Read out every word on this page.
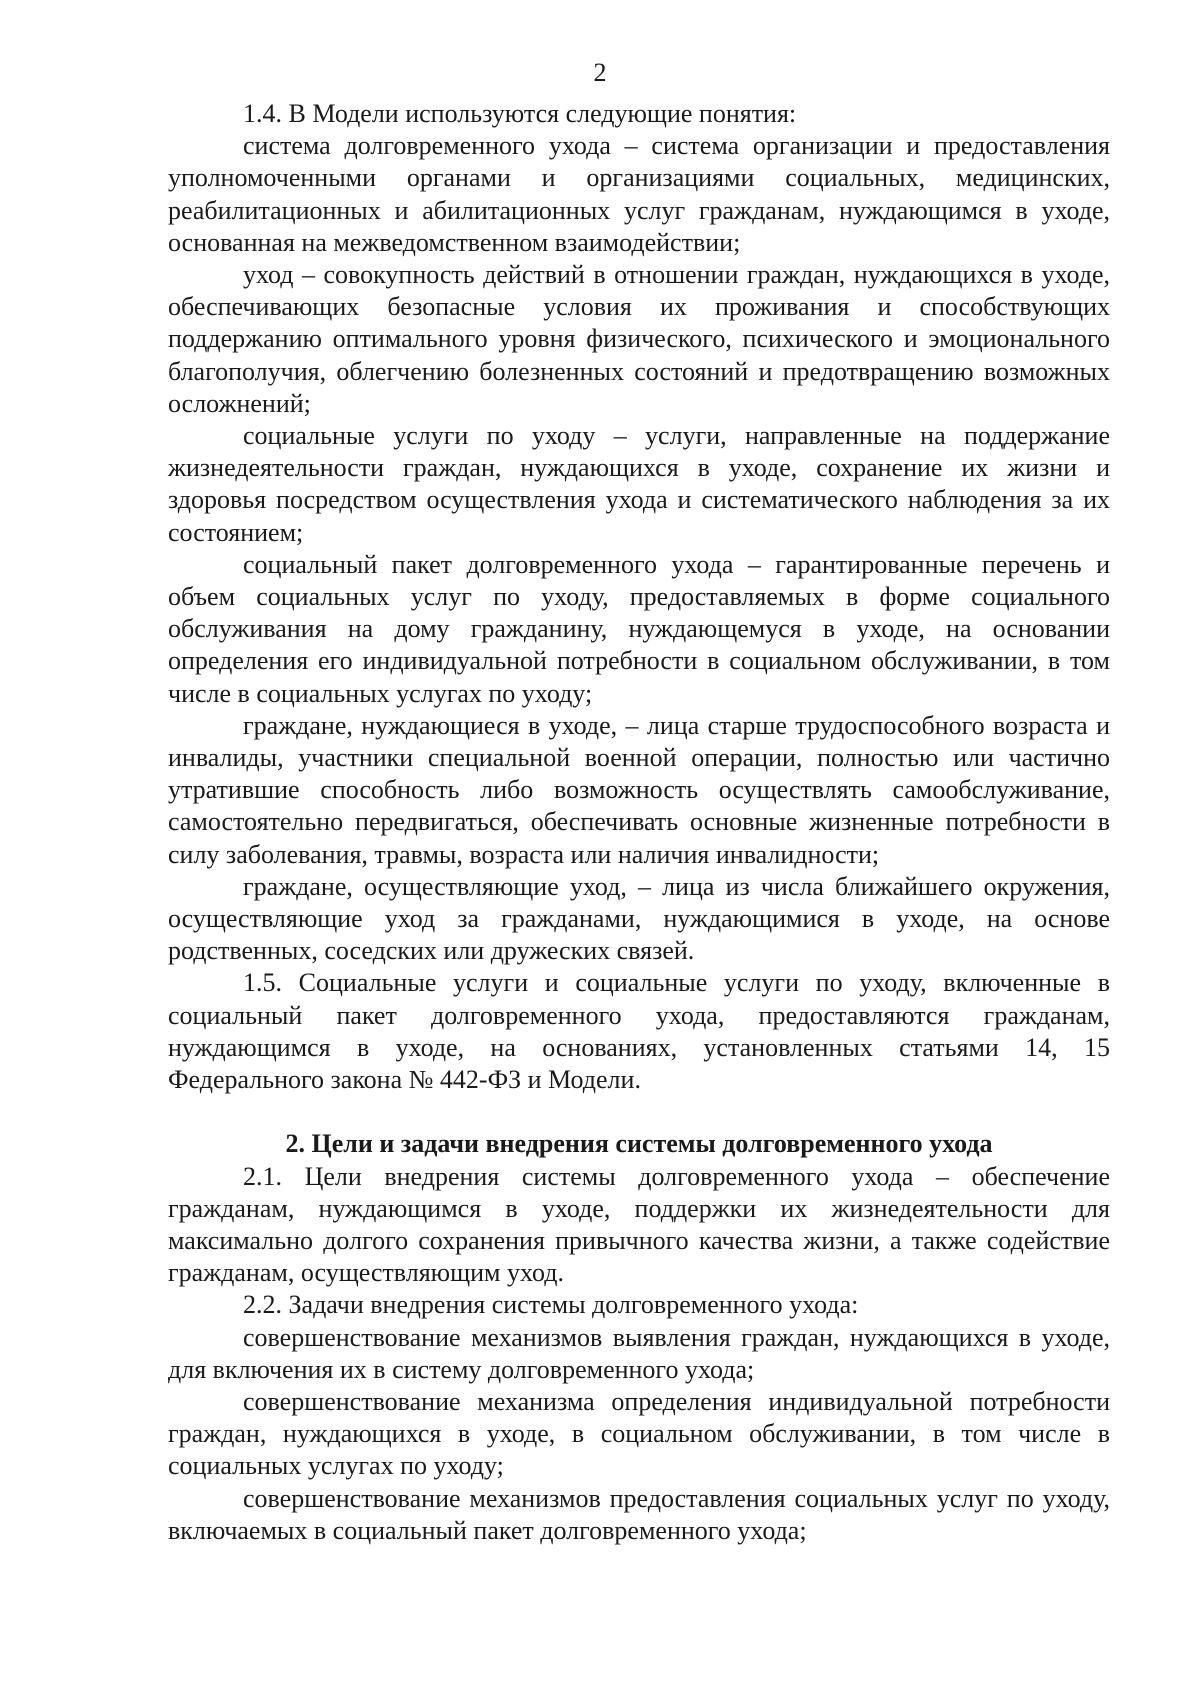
2

1.4. В Модели используются следующие понятия:

система долговременного ухода – система организации и предоставления уполномоченными органами и организациями социальных, медицинских, реабилитационных и абилитационных услуг гражданам, нуждающимся в уходе, основанная на межведомственном взаимодействии;

уход – совокупность действий в отношении граждан, нуждающихся в уходе, обеспечивающих безопасные условия их проживания и способствующих поддержанию оптимального уровня физического, психического и эмоционального благополучия, облегчению болезненных состояний и предотвращению возможных осложнений;

социальные услуги по уходу – услуги, направленные на поддержание жизнедеятельности граждан, нуждающихся в уходе, сохранение их жизни и здоровья посредством осуществления ухода и систематического наблюдения за их состоянием;

социальный пакет долговременного ухода – гарантированные перечень и объем социальных услуг по уходу, предоставляемых в форме социального обслуживания на дому гражданину, нуждающемуся в уходе, на основании определения его индивидуальной потребности в социальном обслуживании, в том числе в социальных услугах по уходу;

граждане, нуждающиеся в уходе, – лица старше трудоспособного возраста и инвалиды, участники специальной военной операции, полностью или частично утратившие способность либо возможность осуществлять самообслуживание, самостоятельно передвигаться, обеспечивать основные жизненные потребности в силу заболевания, травмы, возраста или наличия инвалидности;

граждане, осуществляющие уход, – лица из числа ближайшего окружения, осуществляющие уход за гражданами, нуждающимися в уходе, на основе родственных, соседских или дружеских связей.

1.5. Социальные услуги и социальные услуги по уходу, включенные в социальный пакет долговременного ухода, предоставляются гражданам, нуждающимся в уходе, на основаниях, установленных статьями 14, 15 Федерального закона № 442-ФЗ и Модели.

2. Цели и задачи внедрения системы долговременного ухода

2.1. Цели внедрения системы долговременного ухода – обеспечение гражданам, нуждающимся в уходе, поддержки их жизнедеятельности для максимально долгого сохранения привычного качества жизни, а также содействие гражданам, осуществляющим уход.

2.2. Задачи внедрения системы долговременного ухода:

совершенствование механизмов выявления граждан, нуждающихся в уходе, для включения их в систему долговременного ухода;

совершенствование механизма определения индивидуальной потребности граждан, нуждающихся в уходе, в социальном обслуживании, в том числе в социальных услугах по уходу;

совершенствование механизмов предоставления социальных услуг по уходу, включаемых в социальный пакет долговременного ухода;
